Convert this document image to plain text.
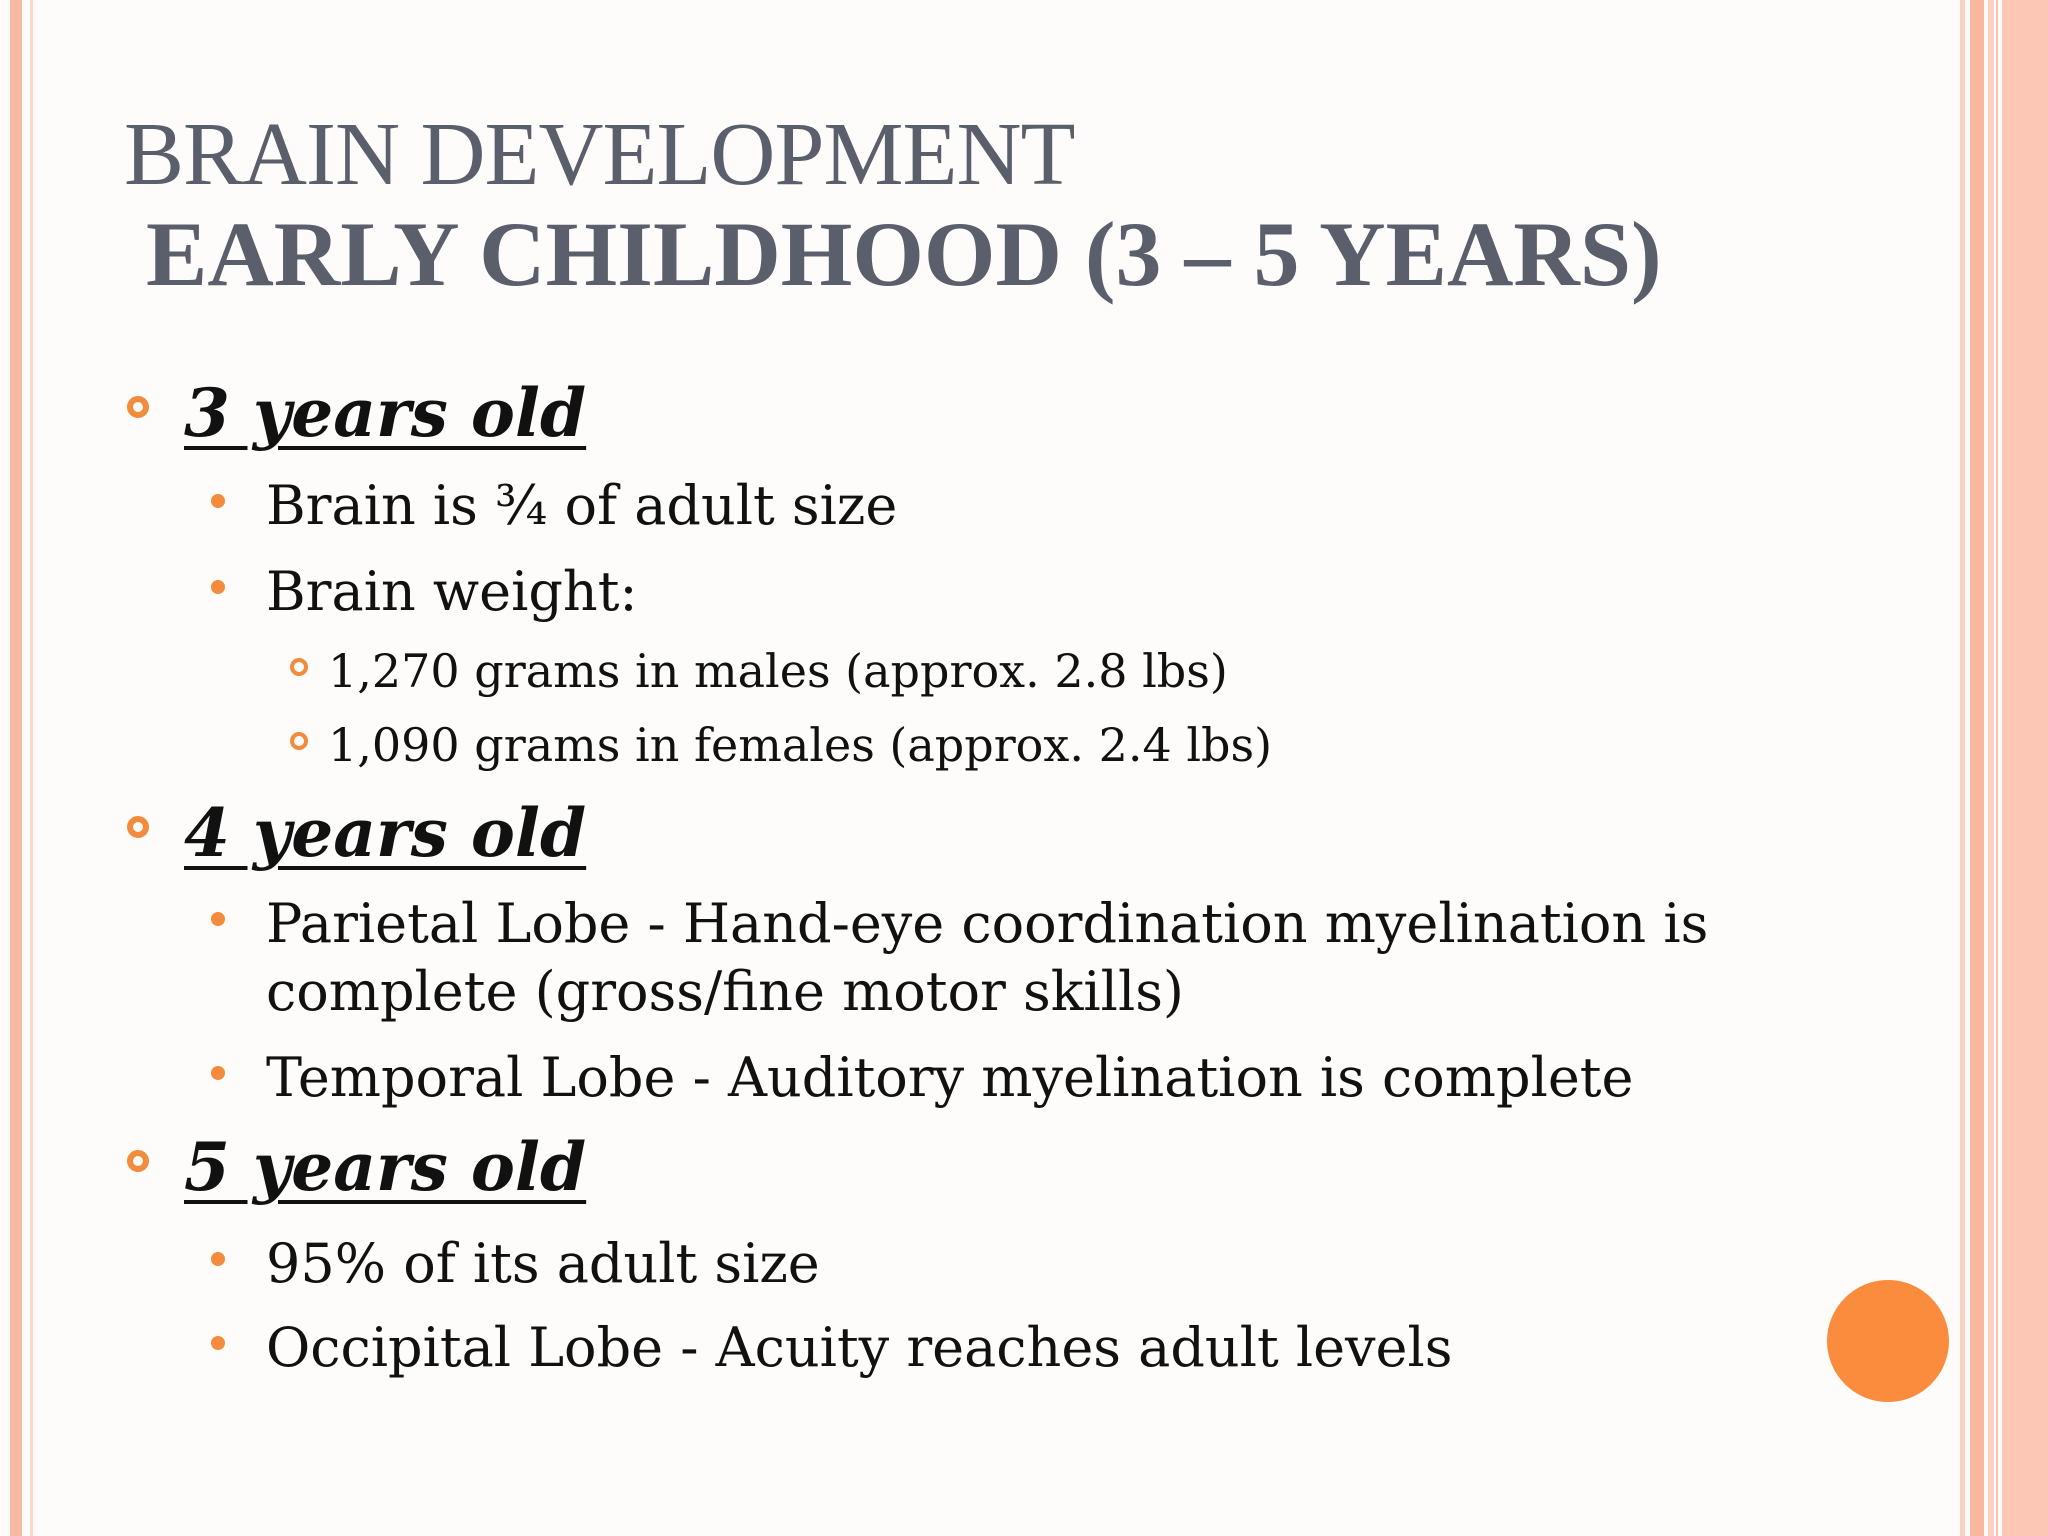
BRAIN DEVELOPMENT
EARLY CHILDHOOD (3 – 5 YEARS)
3 years old
Brain is ¾ of adult size
Brain weight:
1,270 grams in males (approx. 2.8 lbs)
1,090 grams in females (approx. 2.4 lbs)
4 years old
Parietal Lobe - Hand-eye coordination myelination is
complete (gross/fine motor skills)
Temporal Lobe - Auditory myelination is complete
5 years old
95% of its adult size
Occipital Lobe - Acuity reaches adult levels
